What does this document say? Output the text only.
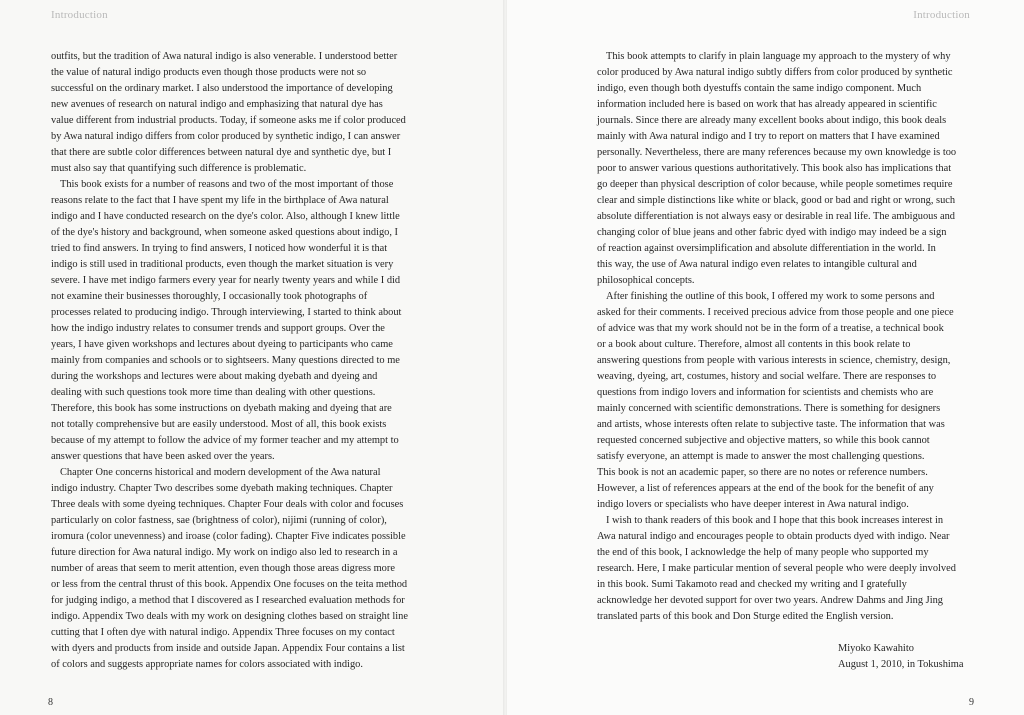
Introduction
outfits, but the tradition of Awa natural indigo is also venerable. I understood better
the value of natural indigo products even though those products were not so
successful on the ordinary market. I also understood the importance of developing
new avenues of research on natural indigo and emphasizing that natural dye has
value different from industrial products. Today, if someone asks me if color produced
by Awa natural indigo differs from color produced by synthetic indigo, I can answer
that there are subtle color differences between natural dye and synthetic dye, but I
must also say that quantifying such difference is problematic.
This book exists for a number of reasons and two of the most important of those
reasons relate to the fact that I have spent my life in the birthplace of Awa natural
indigo and I have conducted research on the dye's color. Also, although I knew little
of the dye's history and background, when someone asked questions about indigo, I
tried to find answers. In trying to find answers, I noticed how wonderful it is that
indigo is still used in traditional products, even though the market situation is very
severe. I have met indigo farmers every year for nearly twenty years and while I did
not examine their businesses thoroughly, I occasionally took photographs of
processes related to producing indigo. Through interviewing, I started to think about
how the indigo industry relates to consumer trends and support groups. Over the
years, I have given workshops and lectures about dyeing to participants who came
mainly from companies and schools or to sightseers. Many questions directed to me
during the workshops and lectures were about making dyebath and dyeing and
dealing with such questions took more time than dealing with other questions.
Therefore, this book has some instructions on dyebath making and dyeing that are
not totally comprehensive but are easily understood. Most of all, this book exists
because of my attempt to follow the advice of my former teacher and my attempt to
answer questions that have been asked over the years.
Chapter One concerns historical and modern development of the Awa natural
indigo industry. Chapter Two describes some dyebath making techniques. Chapter
Three deals with some dyeing techniques. Chapter Four deals with color and focuses
particularly on color fastness, sae (brightness of color), nijimi (running of color),
iromura (color unevenness) and iroase (color fading). Chapter Five indicates possible
future direction for Awa natural indigo. My work on indigo also led to research in a
number of areas that seem to merit attention, even though those areas digress more
or less from the central thrust of this book. Appendix One focuses on the teita method
for judging indigo, a method that I discovered as I researched evaluation methods for
indigo. Appendix Two deals with my work on designing clothes based on straight line
cutting that I often dye with natural indigo. Appendix Three focuses on my contact
with dyers and products from inside and outside Japan. Appendix Four contains a list
of colors and suggests appropriate names for colors associated with indigo.
8
Introduction
This book attempts to clarify in plain language my approach to the mystery of why
color produced by Awa natural indigo subtly differs from color produced by synthetic
indigo, even though both dyestuffs contain the same indigo component. Much
information included here is based on work that has already appeared in scientific
journals. Since there are already many excellent books about indigo, this book deals
mainly with Awa natural indigo and I try to report on matters that I have examined
personally. Nevertheless, there are many references because my own knowledge is too
poor to answer various questions authoritatively. This book also has implications that
go deeper than physical description of color because, while people sometimes require
clear and simple distinctions like white or black, good or bad and right or wrong, such
absolute differentiation is not always easy or desirable in real life. The ambiguous and
changing color of blue jeans and other fabric dyed with indigo may indeed be a sign
of reaction against oversimplification and absolute differentiation in the world. In
this way, the use of Awa natural indigo even relates to intangible cultural and
philosophical concepts.
After finishing the outline of this book, I offered my work to some persons and
asked for their comments. I received precious advice from those people and one piece
of advice was that my work should not be in the form of a treatise, a technical book
or a book about culture. Therefore, almost all contents in this book relate to
answering questions from people with various interests in science, chemistry, design,
weaving, dyeing, art, costumes, history and social welfare. There are responses to
questions from indigo lovers and information for scientists and chemists who are
mainly concerned with scientific demonstrations. There is something for designers
and artists, whose interests often relate to subjective taste. The information that was
requested concerned subjective and objective matters, so while this book cannot
satisfy everyone, an attempt is made to answer the most challenging questions.
This book is not an academic paper, so there are no notes or reference numbers.
However, a list of references appears at the end of the book for the benefit of any
indigo lovers or specialists who have deeper interest in Awa natural indigo.
I wish to thank readers of this book and I hope that this book increases interest in
Awa natural indigo and encourages people to obtain products dyed with indigo. Near
the end of this book, I acknowledge the help of many people who supported my
research. Here, I make particular mention of several people who were deeply involved
in this book. Sumi Takamoto read and checked my writing and I gratefully
acknowledge her devoted support for over two years. Andrew Dahms and Jing Jing
translated parts of this book and Don Sturge edited the English version.
Miyoko Kawahito
August 1, 2010, in Tokushima
9
